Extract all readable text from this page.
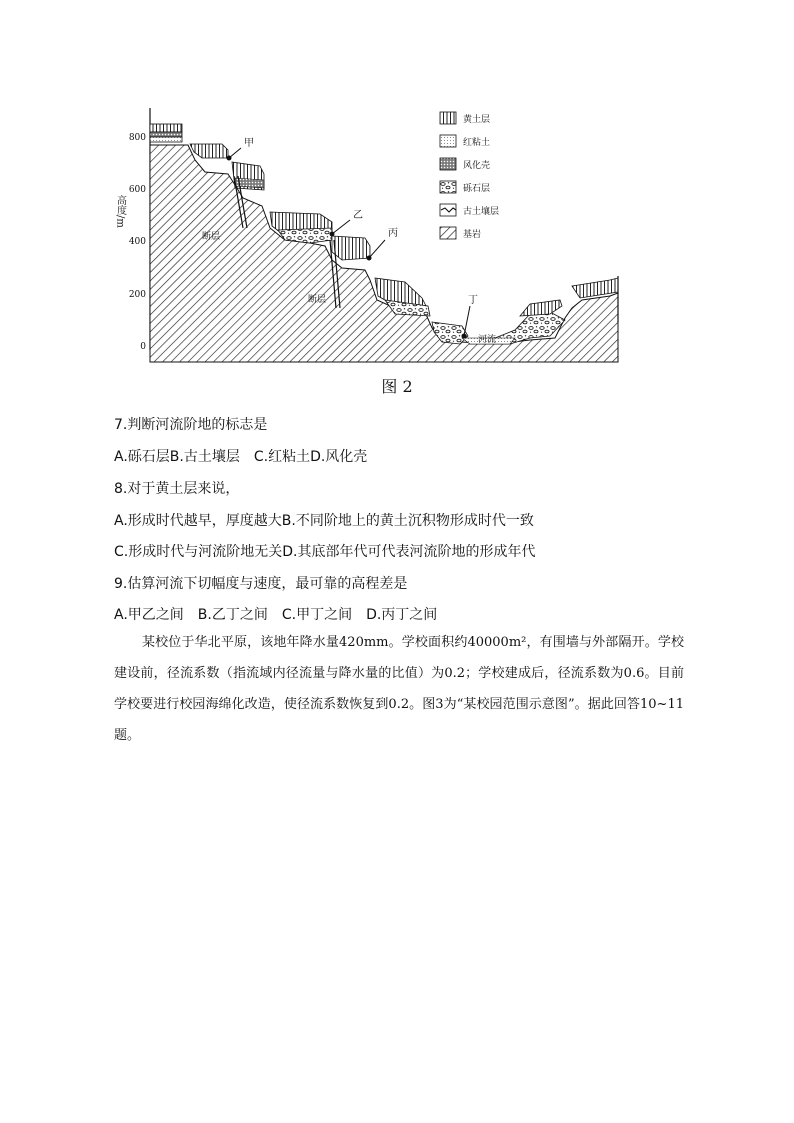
800
600
400
200
0
高度/m
甲
乙
丙
丁
河流
断层
断层
黄土层
红粘土
风化壳
砾石层
古土壤层
基岩
图 2
7.判断河流阶地的标志是
A.砾石层B.古土壤层 C.红粘土D.风化壳
8.对于黄土层来说，
A.形成时代越早，厚度越大B.不同阶地上的黄土沉积物形成时代一致
C.形成时代与河流阶地无关D.其底部年代可代表河流阶地的形成年代
9.估算河流下切幅度与速度，最可靠的高程差是
A.甲乙之间 B.乙丁之间 C.甲丁之间 D.丙丁之间

某校位于华北平原，该地年降水量420mm。学校面积约40000m²，有围墙与外部隔开。学校建设前，径流系数（指流域内径流量与降水量的比值）为0.2；学校建成后，径流系数为0.6。目前学校要进行校园海绵化改造，使径流系数恢复到0.2。图3为“某校园范围示意图”。据此回答10~11题。
